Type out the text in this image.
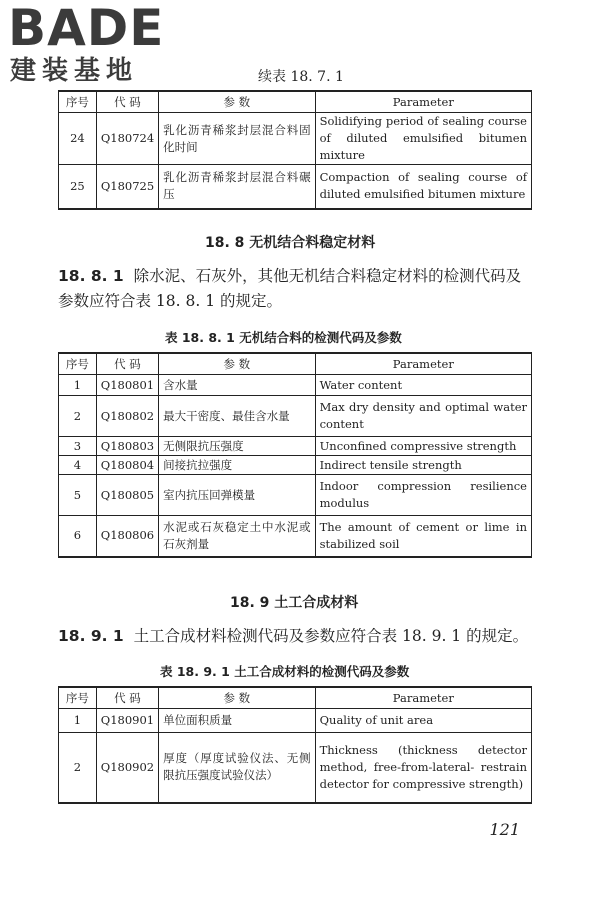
BADE
建装基地	续表 18. 7. 1
序号	代 码	参 数	Parameter
24	Q180724	乳化沥青稀浆封层混合料固化时间	Solidifying period of sealing course of diluted emulsified bitumen mixture
25	Q180725	乳化沥青稀浆封层混合料碾压	Compaction of sealing course of diluted emulsified bitumen mixture
18. 8 无机结合料稳定材料
18. 8. 1 除水泥、石灰外，其他无机结合料稳定材料的检测代码及参数应符合表 18. 8. 1 的规定。
表 18. 8. 1 无机结合料的检测代码及参数
序号	代 码	参 数	Parameter
1	Q180801	含水量	Water content
2	Q180802	最大干密度、最佳含水量	Max dry density and optimal water content
3	Q180803	无侧限抗压强度	Unconfined compressive strength
4	Q180804	间接抗拉强度	Indirect tensile strength
5	Q180805	室内抗压回弹模量	Indoor compression resilience modulus
6	Q180806	水泥或石灰稳定土中水泥或石灰剂量	The amount of cement or lime in stabilized soil
18. 9 土工合成材料
18. 9. 1 土工合成材料检测代码及参数应符合表 18. 9. 1 的规定。
表 18. 9. 1 土工合成材料的检测代码及参数
序号	代 码	参 数	Parameter
1	Q180901	单位面积质量	Quality of unit area
2	Q180902	厚度（厚度试验仪法、无侧限抗压强度试验仪法）	Thickness (thickness detector method, free-from-lateral- restrain detector for compressive strength)
121
